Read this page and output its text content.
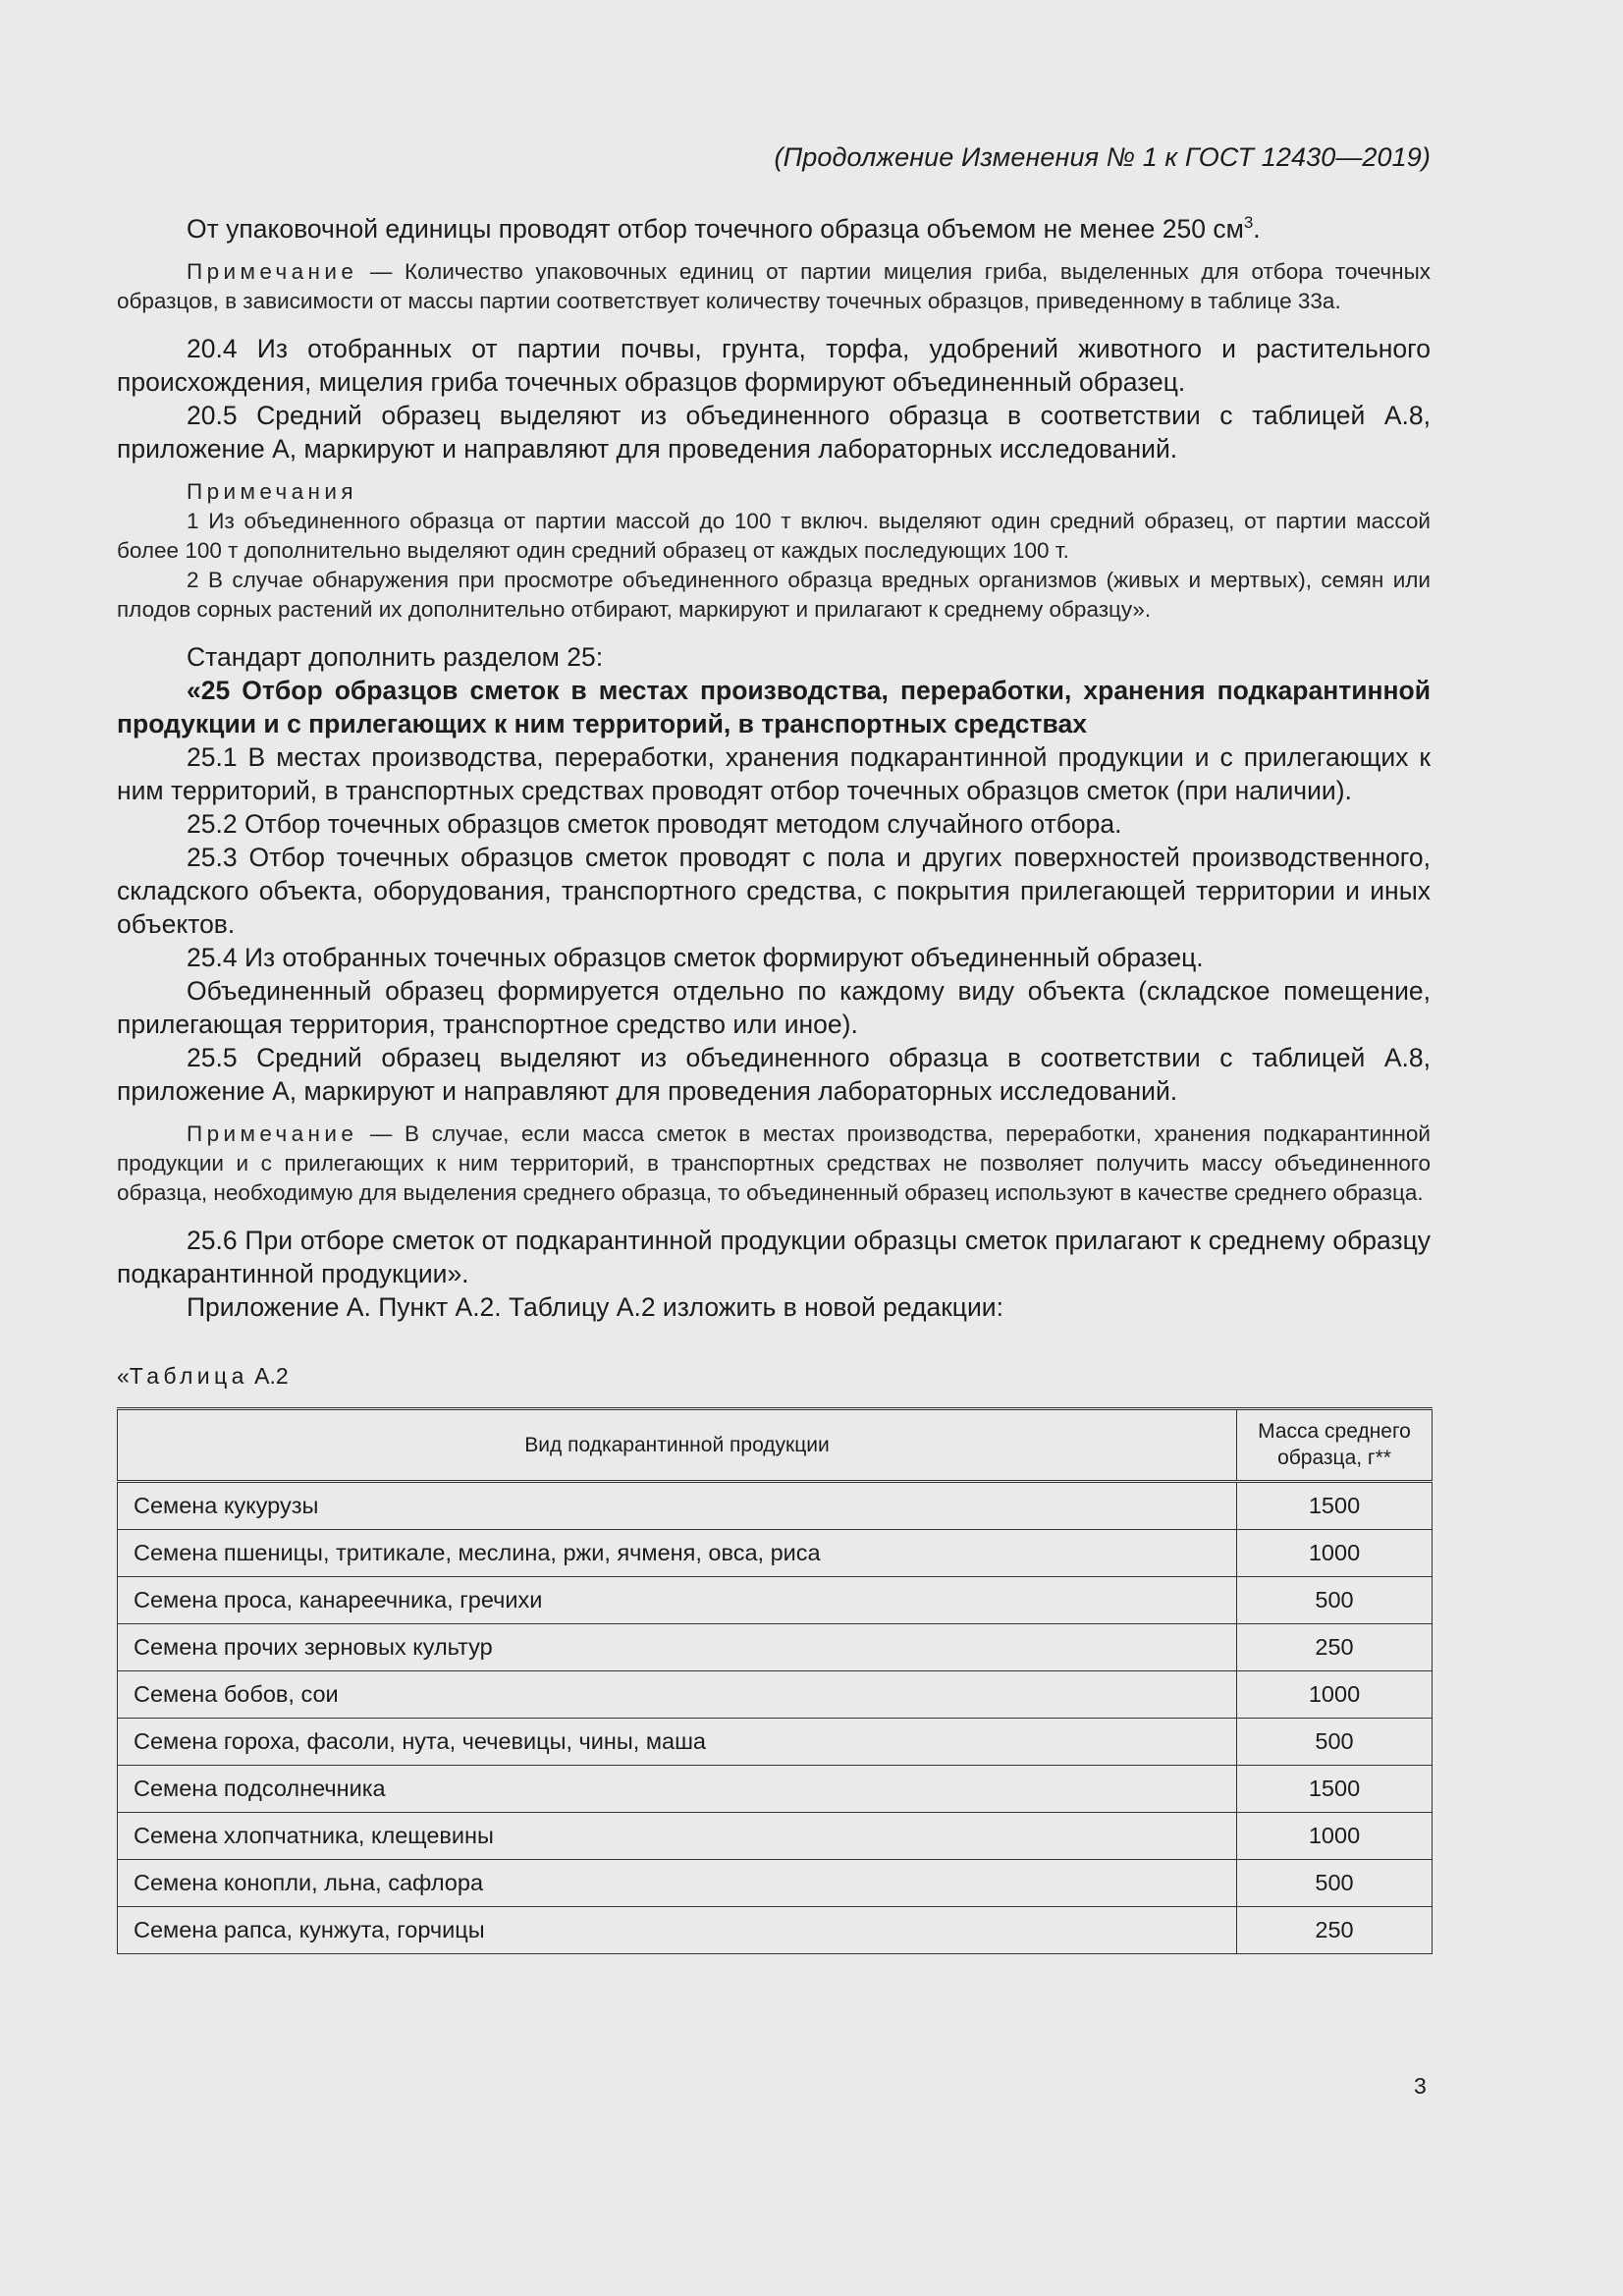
(Продолжение Изменения № 1 к ГОСТ 12430—2019)

От упаковочной единицы проводят отбор точечного образца объемом не менее 250 $см^3$.

Примечание — Количество упаковочных единиц от партии мицелия гриба, выделенных для отбора точечных образцов, в зависимости от массы партии соответствует количеству точечных образцов, приведенному в таблице 33а.

20.4 Из отобранных от партии почвы, грунта, торфа, удобрений животного и растительного происхождения, мицелия гриба точечных образцов формируют объединенный образец.

20.5 Средний образец выделяют из объединенного образца в соответствии с таблицей А.8, приложение А, маркируют и направляют для проведения лабораторных исследований.

Примечания

1 Из объединенного образца от партии массой до 100 т включ. выделяют один средний образец, от партии массой более 100 т дополнительно выделяют один средний образец от каждых последующих 100 т.

2 В случае обнаружения при просмотре объединенного образца вредных организмов (живых и мертвых), семян или плодов сорных растений их дополнительно отбирают, маркируют и прилагают к среднему образцу».

Стандарт дополнить разделом 25:

«25 Отбор образцов сметок в местах производства, переработки, хранения подкарантинной продукции и с прилегающих к ним территорий, в транспортных средствах

25.1 В местах производства, переработки, хранения подкарантинной продукции и с прилегающих к ним территорий, в транспортных средствах проводят отбор точечных образцов сметок (при наличии).

25.2 Отбор точечных образцов сметок проводят методом случайного отбора.

25.3 Отбор точечных образцов сметок проводят с пола и других поверхностей производственного, складского объекта, оборудования, транспортного средства, с покрытия прилегающей территории и иных объектов.

25.4 Из отобранных точечных образцов сметок формируют объединенный образец.

Объединенный образец формируется отдельно по каждому виду объекта (складское помещение, прилегающая территория, транспортное средство или иное).

25.5 Средний образец выделяют из объединенного образца в соответствии с таблицей А.8, приложение А, маркируют и направляют для проведения лабораторных исследований.

Примечание — В случае, если масса сметок в местах производства, переработки, хранения подкарантинной продукции и с прилегающих к ним территорий, в транспортных средствах не позволяет получить массу объединенного образца, необходимую для выделения среднего образца, то объединенный образец используют в качестве среднего образца.

25.6 При отборе сметок от подкарантинной продукции образцы сметок прилагают к среднему образцу подкарантинной продукции».

Приложение А. Пункт А.2. Таблицу А.2 изложить в новой редакции:

«Таблица А.2

Вид подкарантинной продукции	Масса среднего образца, г**
Семена кукурузы	1500
Семена пшеницы, тритикале, меслина, ржи, ячменя, овса, риса	1000
Семена проса, канареечника, гречихи	500
Семена прочих зерновых культур	250
Семена бобов, сои	1000
Семена гороха, фасоли, нута, чечевицы, чины, маша	500
Семена подсолнечника	1500
Семена хлопчатника, клещевины	1000
Семена конопли, льна, сафлора	500
Семена рапса, кунжута, горчицы	250
3
